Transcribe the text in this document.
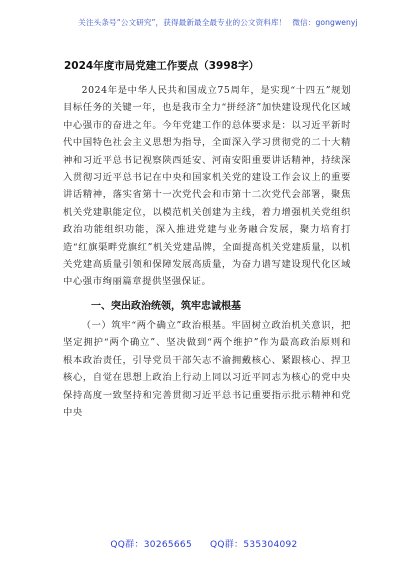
关注头条号“公文研究”，获得最新最全最专业的公文资料库！ 微信：gongwenyj
2024年度市局党建工作要点（3998字）

2024年是中华人民共和国成立75周年，是实现“十四五”规划目标任务的关键一年，也是我市全力“拼经济”加快建设现代化区域中心强市的奋进之年。今年党建工作的总体要求是：以习近平新时代中国特色社会主义思想为指导，全面深入学习贯彻党的二十大精神和习近平总书记视察陕西延安、河南安阳重要讲话精神，持续深入贯彻习近平总书记在中央和国家机关党的建设工作会议上的重要讲话精神，落实省第十一次党代会和市第十二次党代会部署，聚焦机关党建职能定位，以模范机关创建为主线，着力增强机关党组织政治功能组织功能，深入推进党建与业务融合发展，聚力培育打造“红旗渠畔党旗红”机关党建品牌，全面提高机关党建质量，以机关党建高质量引领和保障发展高质量，为奋力谱写建设现代化区域中心强市绚丽篇章提供坚强保证。

一、突出政治统领，筑牢忠诚根基

（一）筑牢“两个确立”政治根基。牢固树立政治机关意识，把坚定拥护“两个确立”、坚决做到“两个维护”作为最高政治原则和根本政治责任，引导党员干部矢志不渝拥戴核心、紧跟核心、捍卫核心，自觉在思想上政治上行动上同以习近平同志为核心的党中央保持高度一致坚持和完善贯彻习近平总书记重要指示批示精神和党中央

QQ群：30265665 QQ群：535304092
